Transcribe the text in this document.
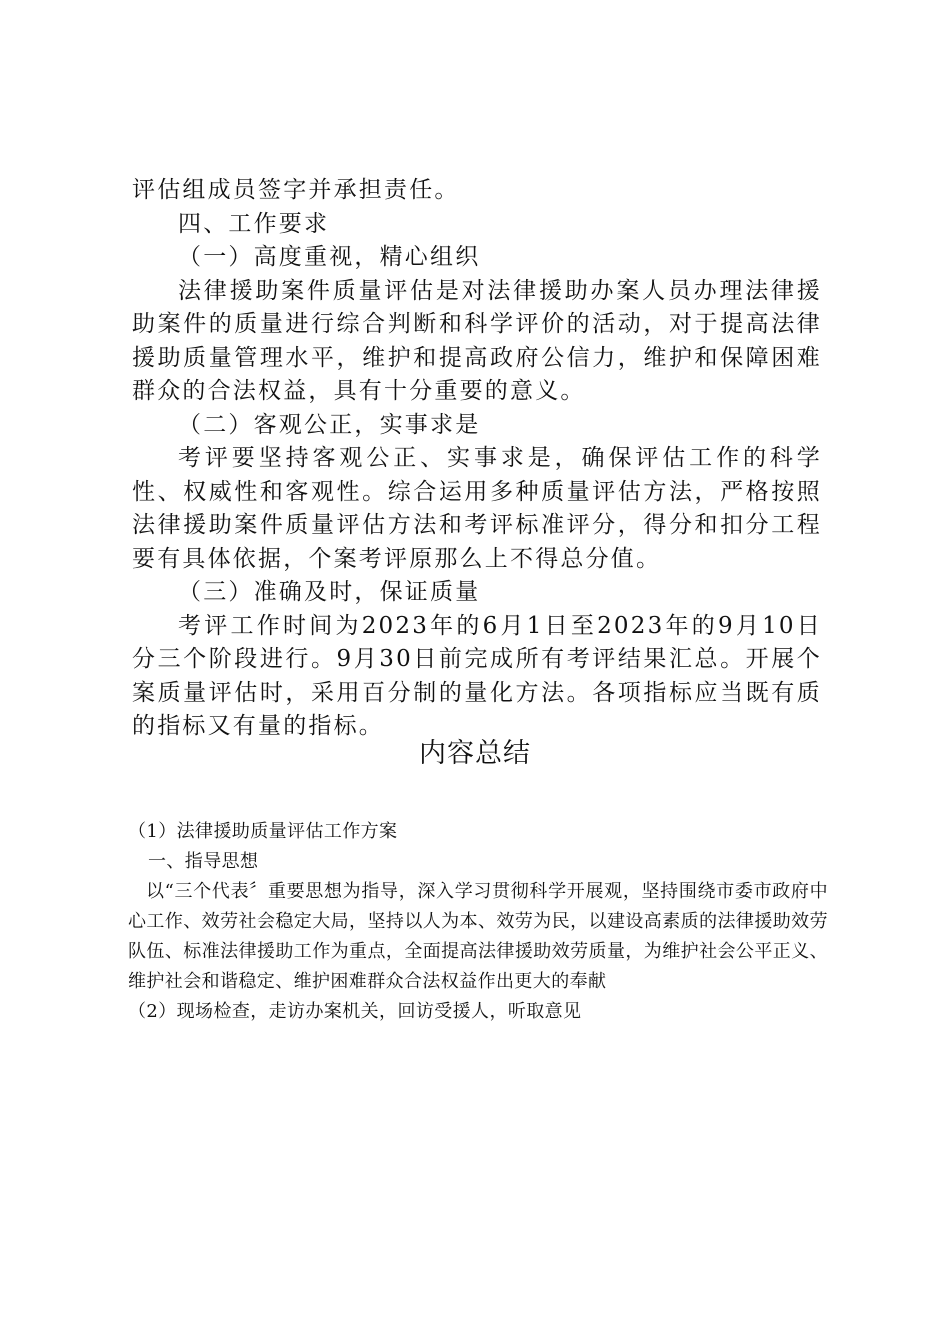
评估组成员签字并承担责任。

四、工作要求

（一）高度重视，精心组织

法律援助案件质量评估是对法律援助办案人员办理法律援助案件的质量进行综合判断和科学评价的活动，对于提高法律援助质量管理水平，维护和提高政府公信力，维护和保障困难群众的合法权益，具有十分重要的意义。

（二）客观公正，实事求是

考评要坚持客观公正、实事求是，确保评估工作的科学性、权威性和客观性。综合运用多种质量评估方法，严格按照法律援助案件质量评估方法和考评标准评分，得分和扣分工程要有具体依据，个案考评原那么上不得总分值。

（三）准确及时，保证质量

考评工作时间为2023年的6月1日至2023年的9月10日分三个阶段进行。9月30日前完成所有考评结果汇总。开展个案质量评估时，采用百分制的量化方法。各项指标应当既有质的指标又有量的指标。

内容总结

（1）法律援助质量评估工作方案

一、指导思想

以“三个代表〞重要思想为指导，深入学习贯彻科学开展观，坚持围绕市委市政府中心工作、效劳社会稳定大局，坚持以人为本、效劳为民，以建设高素质的法律援助效劳队伍、标准法律援助工作为重点，全面提高法律援助效劳质量，为维护社会公平正义、维护社会和谐稳定、维护困难群众合法权益作出更大的奉献

（2）现场检查，走访办案机关，回访受援人，听取意见
